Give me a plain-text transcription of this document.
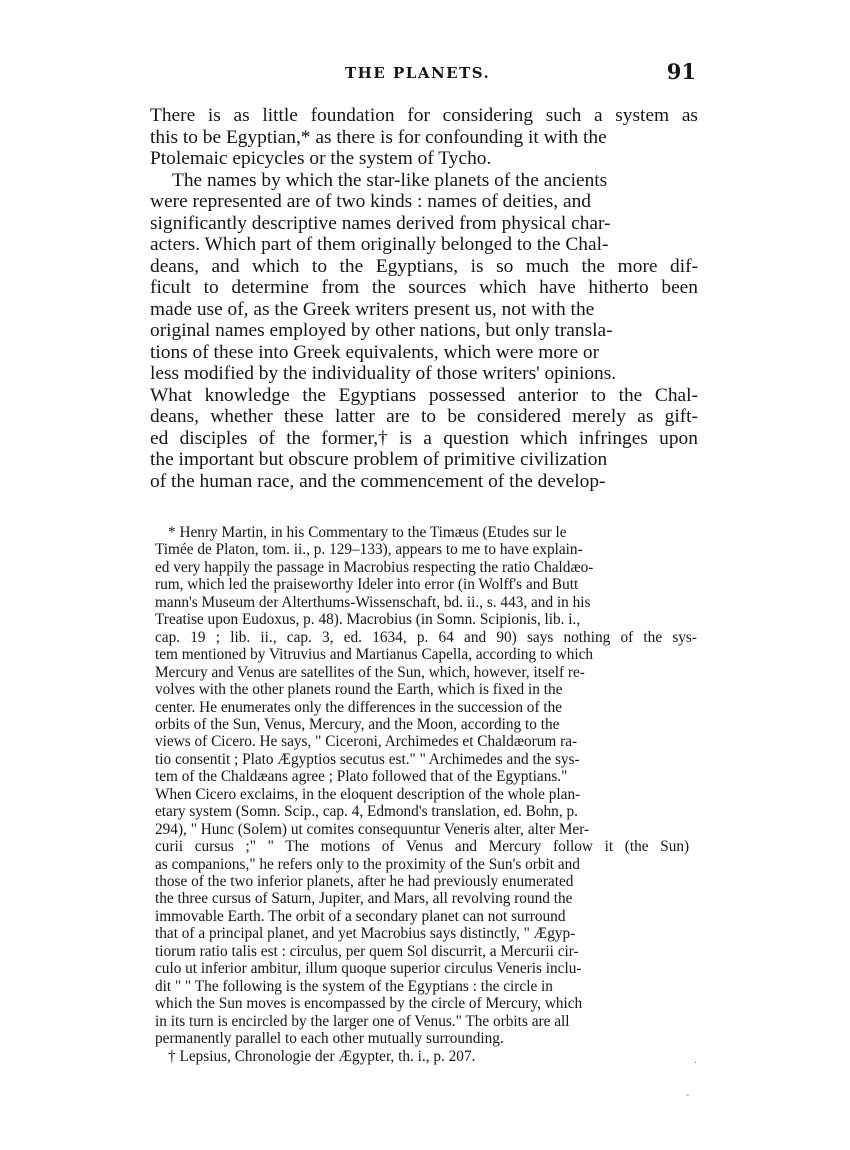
THE PLANETS.	91
There is as little foundation for considering such a system as
this to be Egyptian,* as there is for confounding it with the
Ptolemaic epicycles or the system of Tycho.
The names by which the star-like planets of the ancients
were represented are of two kinds : names of deities, and
significantly descriptive names derived from physical char-
acters. Which part of them originally belonged to the Chal-
deans, and which to the Egyptians, is so much the more dif-
ficult to determine from the sources which have hitherto been
made use of, as the Greek writers present us, not with the
original names employed by other nations, but only transla-
tions of these into Greek equivalents, which were more or
less modified by the individuality of those writers' opinions.
What knowledge the Egyptians possessed anterior to the Chal-
deans, whether these latter are to be considered merely as gift-
ed disciples of the former,† is a question which infringes upon
the important but obscure problem of primitive civilization
of the human race, and the commencement of the develop-
* Henry Martin, in his Commentary to the Timæus (Etudes sur le
Timée de Platon, tom. ii., p. 129–133), appears to me to have explain-
ed very happily the passage in Macrobius respecting the ratio Chaldæo-
rum, which led the praiseworthy Ideler into error (in Wolff's and Butt
mann's Museum der Alterthums-Wissenschaft, bd. ii., s. 443, and in his
Treatise upon Eudoxus, p. 48). Macrobius (in Somn. Scipionis, lib. i.,
cap. 19 ; lib. ii., cap. 3, ed. 1634, p. 64 and 90) says nothing of the sys-
tem mentioned by Vitruvius and Martianus Capella, according to which
Mercury and Venus are satellites of the Sun, which, however, itself re-
volves with the other planets round the Earth, which is fixed in the
center. He enumerates only the differences in the succession of the
orbits of the Sun, Venus, Mercury, and the Moon, according to the
views of Cicero. He says, " Ciceroni, Archimedes et Chaldæorum ra-
tio consentit ; Plato Ægyptios secutus est." " Archimedes and the sys-
tem of the Chaldæans agree ; Plato followed that of the Egyptians."
When Cicero exclaims, in the eloquent description of the whole plan-
etary system (Somn. Scip., cap. 4, Edmond's translation, ed. Bohn, p.
294), " Hunc (Solem) ut comites consequuntur Veneris alter, alter Mer-
curii cursus ;" " The motions of Venus and Mercury follow it (the Sun)
as companions," he refers only to the proximity of the Sun's orbit and
those of the two inferior planets, after he had previously enumerated
the three cursus of Saturn, Jupiter, and Mars, all revolving round the
immovable Earth. The orbit of a secondary planet can not surround
that of a principal planet, and yet Macrobius says distinctly, " Ægyp-
tiorum ratio talis est : circulus, per quem Sol discurrit, a Mercurii cir-
culo ut inferior ambitur, illum quoque superior circulus Veneris inclu-
dit " " The following is the system of the Egyptians : the circle in
which the Sun moves is encompassed by the circle of Mercury, which
in its turn is encircled by the larger one of Venus." The orbits are all
permanently parallel to each other mutually surrounding.
† Lepsius, Chronologie der Ægypter, th. i., p. 207.	·
-
